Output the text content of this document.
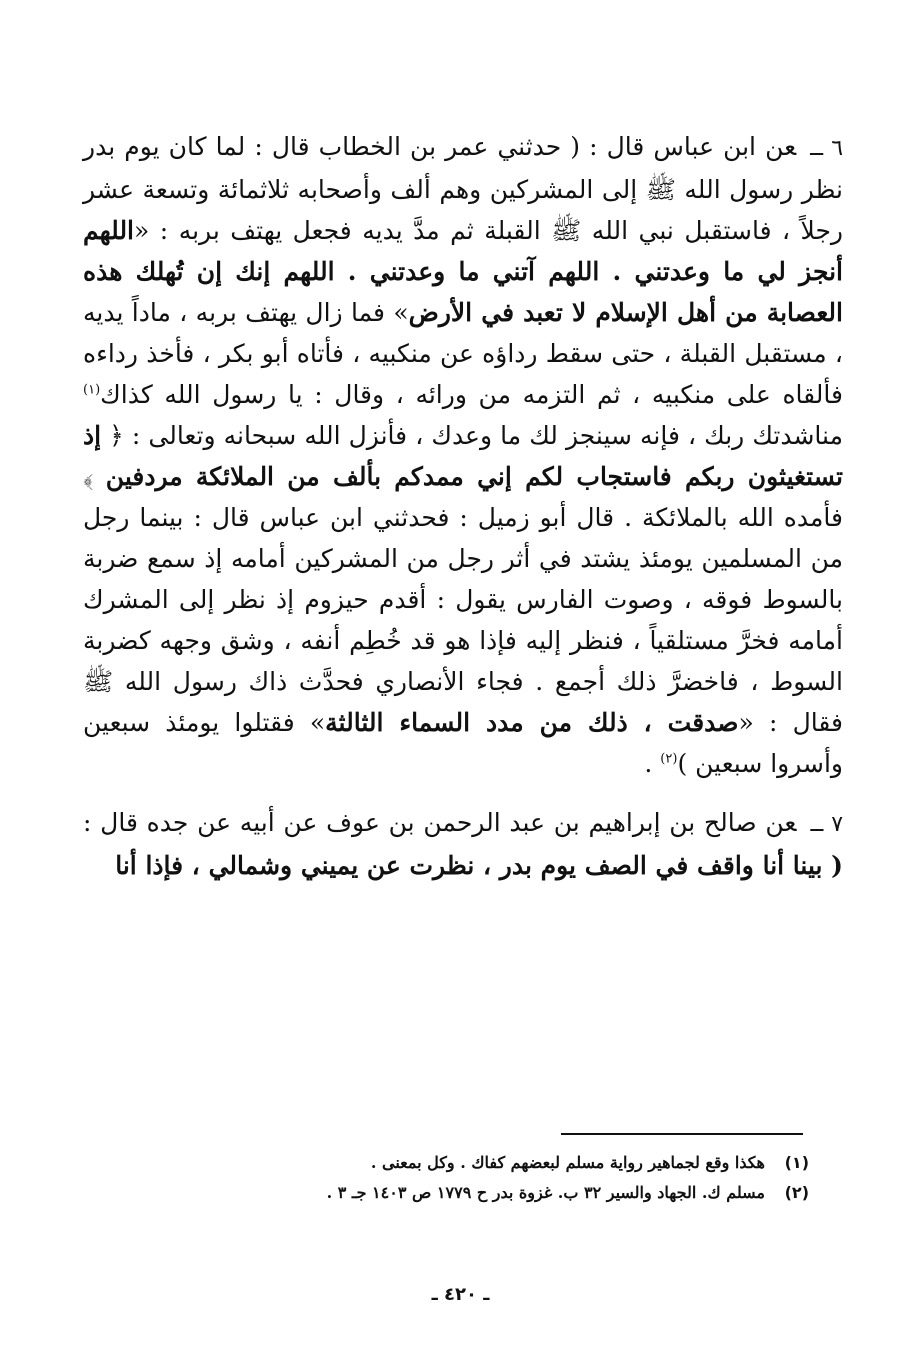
٦ ــعن ابن عباس قال : ( حدثني عمر بن الخطاب قال : لما كان يوم بدر نظر رسول الله ﷺ إلى المشركين وهم ألف وأصحابه ثلاثمائة وتسعة عشر رجلاً ، فاستقبل نبي الله ﷺ القبلة ثم مدَّ يديه فجعل يهتف بربه : «اللهم أنجز لي ما وعدتني . اللهم آتني ما وعدتني . اللهم إنك إن تُهلك هذه العصابة من أهل الإسلام لا تعبد في الأرض» فما زال يهتف بربه ، ماداً يديه ، مستقبل القبلة ، حتى سقط رداؤه عن منكبيه ، فأتاه أبو بكر ، فأخذ رداءه فألقاه على منكبيه ، ثم التزمه من ورائه ، وقال : يا رسول الله كذاك$^{(١)}$ مناشدتك ربك ، فإنه سينجز لك ما وعدك ، فأنزل الله سبحانه وتعالى : ﴿ إذ تستغيثون ربكم فاستجاب لكم إني ممدكم بألف من الملائكة مردفين ﴾ فأمده الله بالملائكة . قال أبو زميل : فحدثني ابن عباس قال : بينما رجل من المسلمين يومئذ يشتد في أثر رجل من المشركين أمامه إذ سمع ضربة بالسوط فوقه ، وصوت الفارس يقول : أقدم حيزوم إذ نظر إلى المشرك أمامه فخرَّ مستلقياً ، فنظر إليه فإذا هو قد خُطِم أنفه ، وشق وجهه كضربة السوط ، فاخضرَّ ذلك أجمع . فجاء الأنصاري فحدَّث ذاك رسول الله ﷺ فقال : «صدقت ، ذلك من مدد السماء الثالثة» فقتلوا يومئذ سبعين وأسروا سبعين )$^{(٢)}$ .

٧ ــعن صالح بن إبراهيم بن عبد الرحمن بن عوف عن أبيه عن جده قال : ( بينا أنا واقف في الصف يوم بدر ، نظرت عن يميني وشمالي ، فإذا أنا

(١)
هكذا وقع لجماهير رواية مسلم لبعضهم كفاك . وكل بمعنى .
(٢)
مسلم ك. الجهاد والسير ٣٢ ب. غزوة بدر ح ١٧٧٩ ص ١٤٠٣ جـ ٣ .
ـ ٤٢٠ ـ
